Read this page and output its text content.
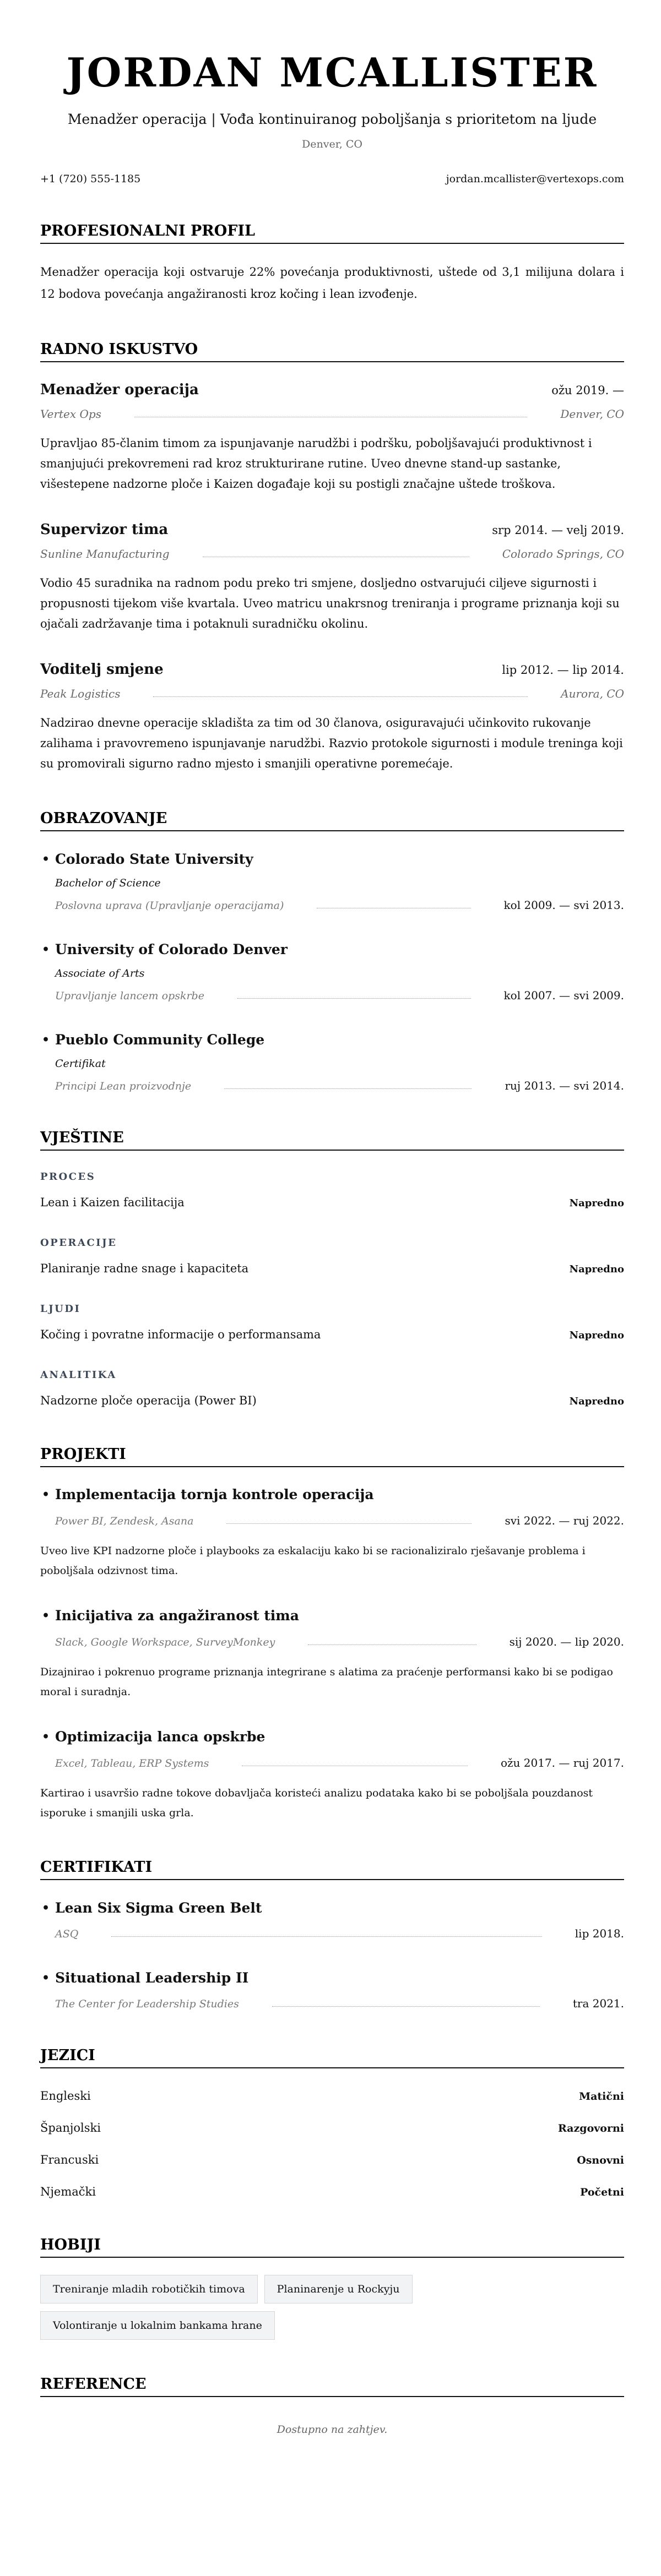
JORDAN MCALLISTER
Menadžer operacija | Vođa kontinuiranog poboljšanja s prioritetom na ljude
Denver, CO
+1 (720) 555-1185	jordan.mcallister@vertexops.com
PROFESIONALNI PROFIL

Menadžer operacija koji ostvaruje 22% povećanja produktivnosti, uštede od 3,1 milijuna dolara i 12 bodova povećanja angažiranosti kroz kočing i lean izvođenje.

RADNO ISKUSTVO
Menadžer operacija	ožu 2019. —
Vertex Ops	Denver, CO

Upravljao 85-članim timom za ispunjavanje narudžbi i podršku, poboljšavajući produktivnost i smanjujući prekovremeni rad kroz strukturirane rutine. Uveo dnevne stand-up sastanke, višestepene nadzorne ploče i Kaizen događaje koji su postigli značajne uštede troškova.

Supervizor tima	srp 2014. — velj 2019.
Sunline Manufacturing	Colorado Springs, CO

Vodio 45 suradnika na radnom podu preko tri smjene, dosljedno ostvarujući ciljeve sigurnosti i propusnosti tijekom više kvartala. Uveo matricu unakrsnog treniranja i programe priznanja koji su ojačali zadržavanje tima i potaknuli suradničku okolinu.

Voditelj smjene	lip 2012. — lip 2014.
Peak Logistics	Aurora, CO

Nadzirao dnevne operacije skladišta za tim od 30 članova, osiguravajući učinkovito rukovanje zalihama i pravovremeno ispunjavanje narudžbi. Razvio protokole sigurnosti i module treninga koji su promovirali sigurno radno mjesto i smanjili operativne poremećaje.

OBRAZOVANJE
• Colorado State University
Bachelor of Science
Poslovna uprava (Upravljanje operacijama)	kol 2009. — svi 2013.
• University of Colorado Denver
Associate of Arts
Upravljanje lancem opskrbe	kol 2007. — svi 2009.
• Pueblo Community College
Certifikat
Principi Lean proizvodnje	ruj 2013. — svi 2014.
VJEŠTINE
PROCES
Lean i Kaizen facilitacija	Napredno
OPERACIJE
Planiranje radne snage i kapaciteta	Napredno
LJUDI
Kočing i povratne informacije o performansama	Napredno
ANALITIKA
Nadzorne ploče operacija (Power BI)	Napredno
PROJEKTI
• Implementacija tornja kontrole operacija
Power BI, Zendesk, Asana	svi 2022. — ruj 2022.

Uveo live KPI nadzorne ploče i playbooks za eskalaciju kako bi se racionaliziralo rješavanje problema i poboljšala odzivnost tima.

• Inicijativa za angažiranost tima
Slack, Google Workspace, SurveyMonkey	sij 2020. — lip 2020.

Dizajnirao i pokrenuo programe priznanja integrirane s alatima za praćenje performansi kako bi se podigao moral i suradnja.

• Optimizacija lanca opskrbe
Excel, Tableau, ERP Systems	ožu 2017. — ruj 2017.

Kartirao i usavršio radne tokove dobavljača koristeći analizu podataka kako bi se poboljšala pouzdanost isporuke i smanjili uska grla.

CERTIFIKATI
• Lean Six Sigma Green Belt
ASQ	lip 2018.
• Situational Leadership II
The Center for Leadership Studies	tra 2021.
JEZICI
Engleski	Matični
Španjolski	Razgovorni
Francuski	Osnovni
Njemački	Početni
HOBIJI
Treniranje mladih robotičkih timova	Planinarenje u Rockyju
Volontiranje u lokalnim bankama hrane
REFERENCE
Dostupno na zahtjev.
